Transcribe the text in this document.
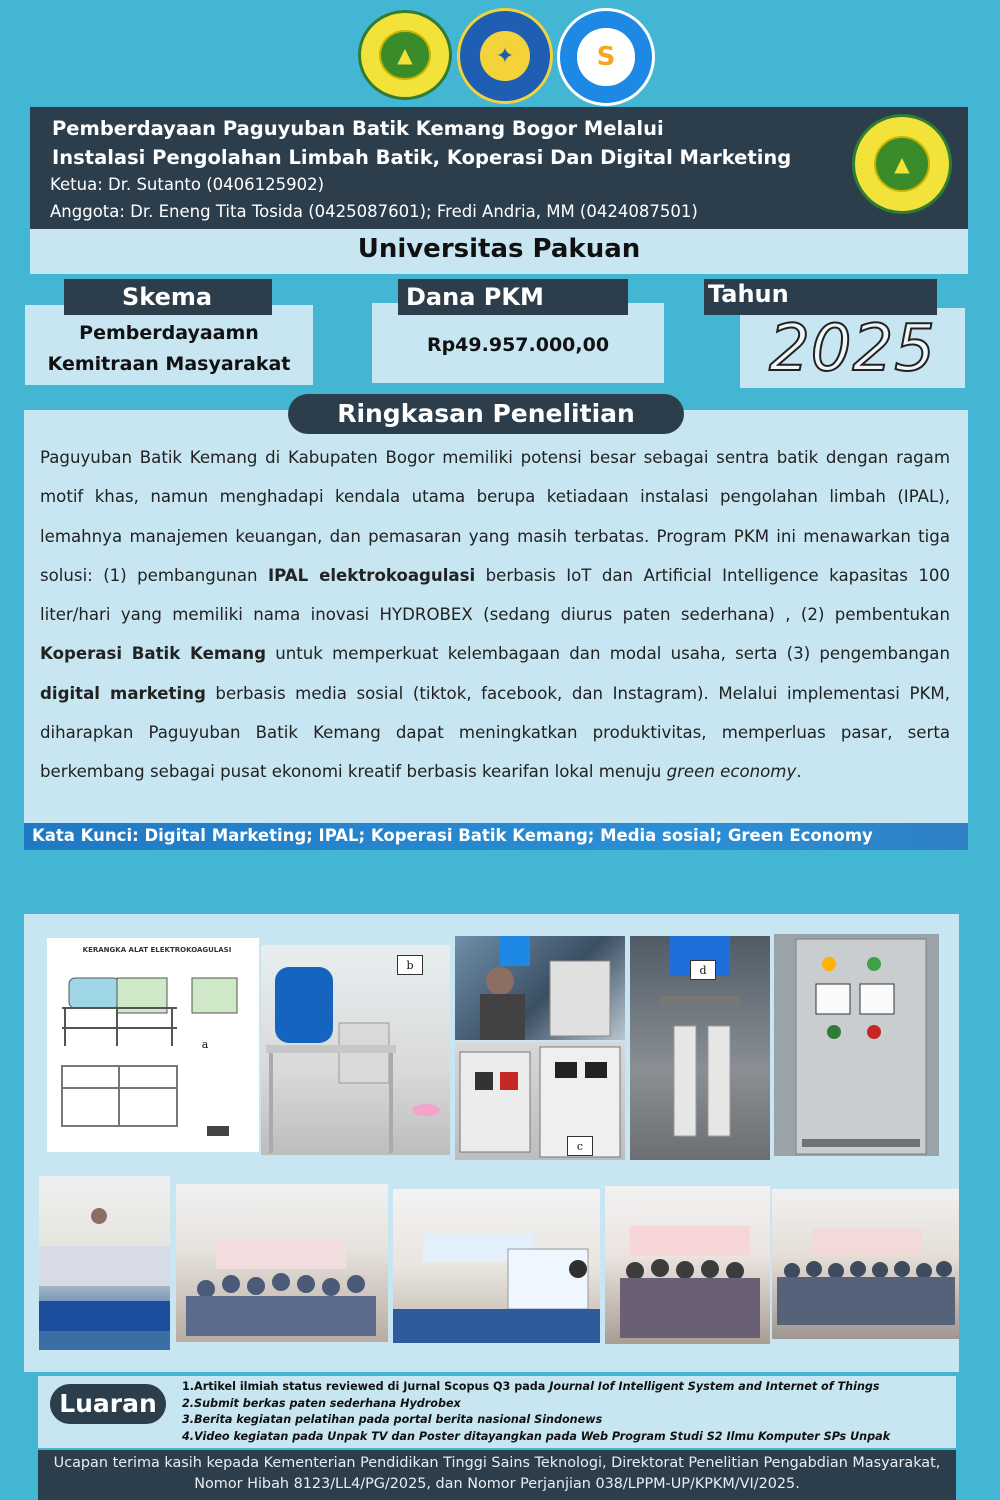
▲	✦	S
Pemberdayaan Paguyuban Batik Kemang Bogor Melalui
Instalasi Pengolahan Limbah Batik, Koperasi Dan Digital Marketing
Ketua: Dr. Sutanto (0406125902)
Anggota: Dr. Eneng Tita Tosida (0425087601); Fredi Andria, MM (0424087501)
▲
Universitas Pakuan
Skema
Pemberdayaamn
Kemitraan Masyarakat
Dana PKM
Rp49.957.000,00
Tahun
2025
Ringkasan Penelitian
Paguyuban Batik Kemang di Kabupaten Bogor memiliki potensi besar sebagai sentra batik dengan ragam motif khas, namun menghadapi kendala utama berupa ketiadaan instalasi pengolahan limbah (IPAL), lemahnya manajemen keuangan, dan pemasaran yang masih terbatas. Program PKM ini menawarkan tiga solusi: (1) pembangunan IPAL elektrokoagulasi berbasis IoT dan Artificial Intelligence kapasitas 100 liter/hari yang memiliki nama inovasi HYDROBEX (sedang diurus paten sederhana) , (2) pembentukan Koperasi Batik Kemang untuk memperkuat kelembagaan dan modal usaha, serta (3) pengembangan digital marketing berbasis media sosial (tiktok, facebook, dan Instagram). Melalui implementasi PKM, diharapkan Paguyuban Batik Kemang dapat meningkatkan produktivitas, memperluas pasar, serta berkembang sebagai pusat ekonomi kreatif berbasis kearifan lokal menuju green economy.
Kata Kunci: Digital Marketing; IPAL; Koperasi Batik Kemang; Media sosial; Green Economy
KERANGKA ALAT ELEKTROKOAGULASI
a
b
c
d
Luaran
1.Artikel ilmiah status reviewed di Jurnal Scopus Q3 pada Journal Iof Intelligent System and Internet of Things
2.Submit berkas paten sederhana Hydrobex
3.Berita kegiatan pelatihan pada portal berita nasional Sindonews
4.Video kegiatan pada Unpak TV dan Poster ditayangkan pada Web Program Studi S2 Ilmu Komputer SPs Unpak
Ucapan terima kasih kepada Kementerian Pendidikan Tinggi Sains Teknologi, Direktorat Penelitian Pengabdian Masyarakat,
Nomor Hibah 8123/LL4/PG/2025, dan Nomor Perjanjian 038/LPPM-UP/KPKM/VI/2025.
